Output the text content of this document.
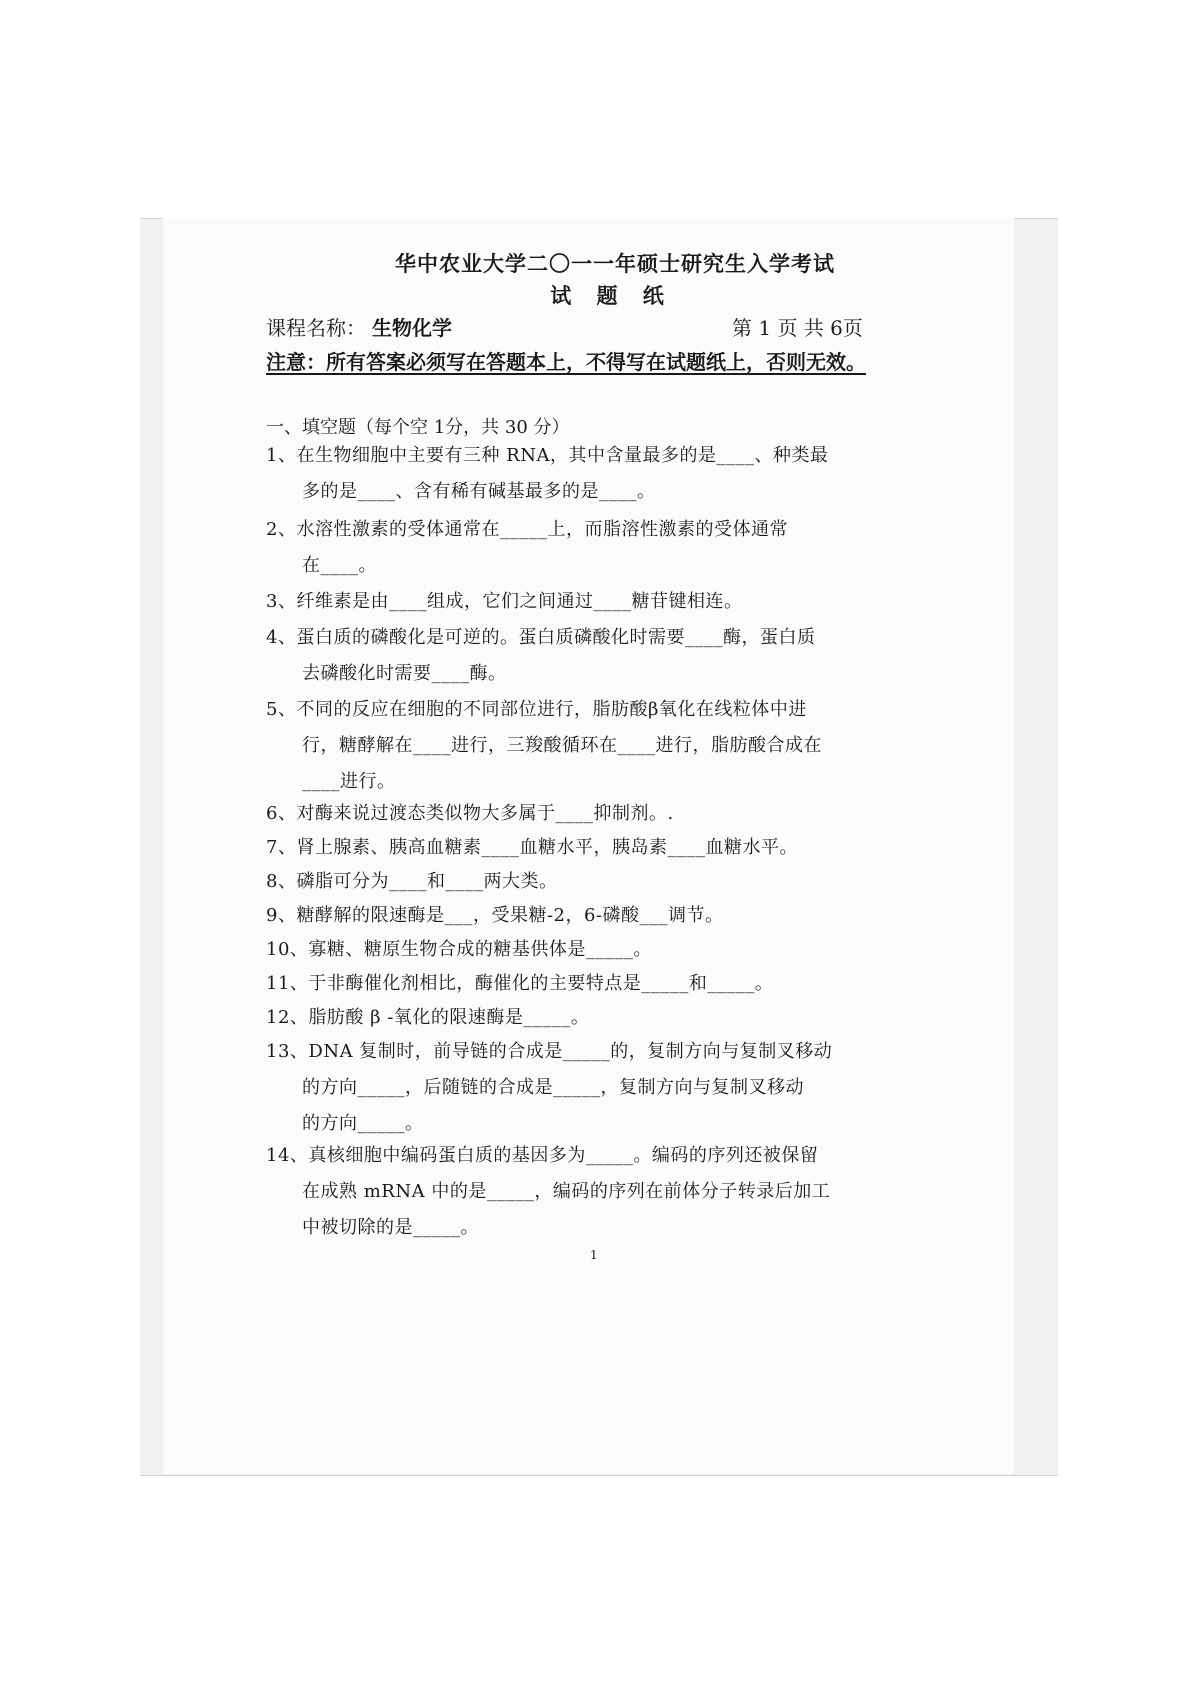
华中农业大学二〇一一年硕士研究生入学考试
试 题 纸
课程名称： 生物化学	第 1 页 共 6页
注意：所有答案必须写在答题本上，不得写在试题纸上，否则无效。
一、填空题（每个空 1分，共 30 分）
1、在生物细胞中主要有三种 RNA，其中含量最多的是____、种类最
多的是____、含有稀有碱基最多的是____。
2、水溶性激素的受体通常在_____上，而脂溶性激素的受体通常
在____。
3、纤维素是由____组成，它们之间通过____糖苷键相连。
4、蛋白质的磷酸化是可逆的。蛋白质磷酸化时需要____酶，蛋白质
去磷酸化时需要____酶。
5、不同的反应在细胞的不同部位进行，脂肪酸β氧化在线粒体中进
行，糖酵解在____进行，三羧酸循环在____进行，脂肪酸合成在
____进行。
6、对酶来说过渡态类似物大多属于____抑制剂。.
7、肾上腺素、胰高血糖素____血糖水平，胰岛素____血糖水平。
8、磷脂可分为____和____两大类。
9、糖酵解的限速酶是___，受果糖-2，6-磷酸___调节。
10、寡糖、糖原生物合成的糖基供体是_____。
11、于非酶催化剂相比，酶催化的主要特点是_____和_____。
12、脂肪酸 β -氧化的限速酶是_____。
13、DNA 复制时，前导链的合成是_____的，复制方向与复制叉移动
的方向_____，后随链的合成是_____，复制方向与复制叉移动
的方向_____。
14、真核细胞中编码蛋白质的基因多为_____。编码的序列还被保留
在成熟 mRNA 中的是_____，编码的序列在前体分子转录后加工
中被切除的是_____。
1
